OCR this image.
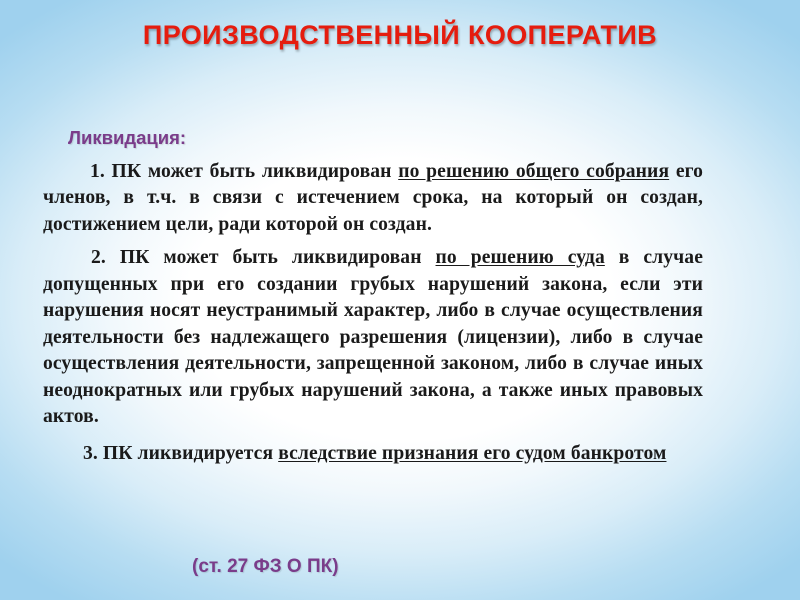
ПРОИЗВОДСТВЕННЫЙ КООПЕРАТИВ
Ликвидация:

1. ПК может быть ликвидирован по решению общего собрания его членов, в т.ч. в связи с истечением срока, на который он создан, достижением цели, ради которой он создан.

2. ПК может быть ликвидирован по решению суда в случае допущенных при его создании грубых нарушений закона, если эти нарушения носят неустранимый характер, либо в случае осуществления деятельности без надлежащего разрешения (лицензии), либо в случае осуществления деятельности, запрещенной законом, либо в случае иных неоднократных или грубых нарушений закона, а также иных правовых актов.

3. ПК ликвидируется вследствие признания его судом банкротом

(ст. 27 ФЗ О ПК)
